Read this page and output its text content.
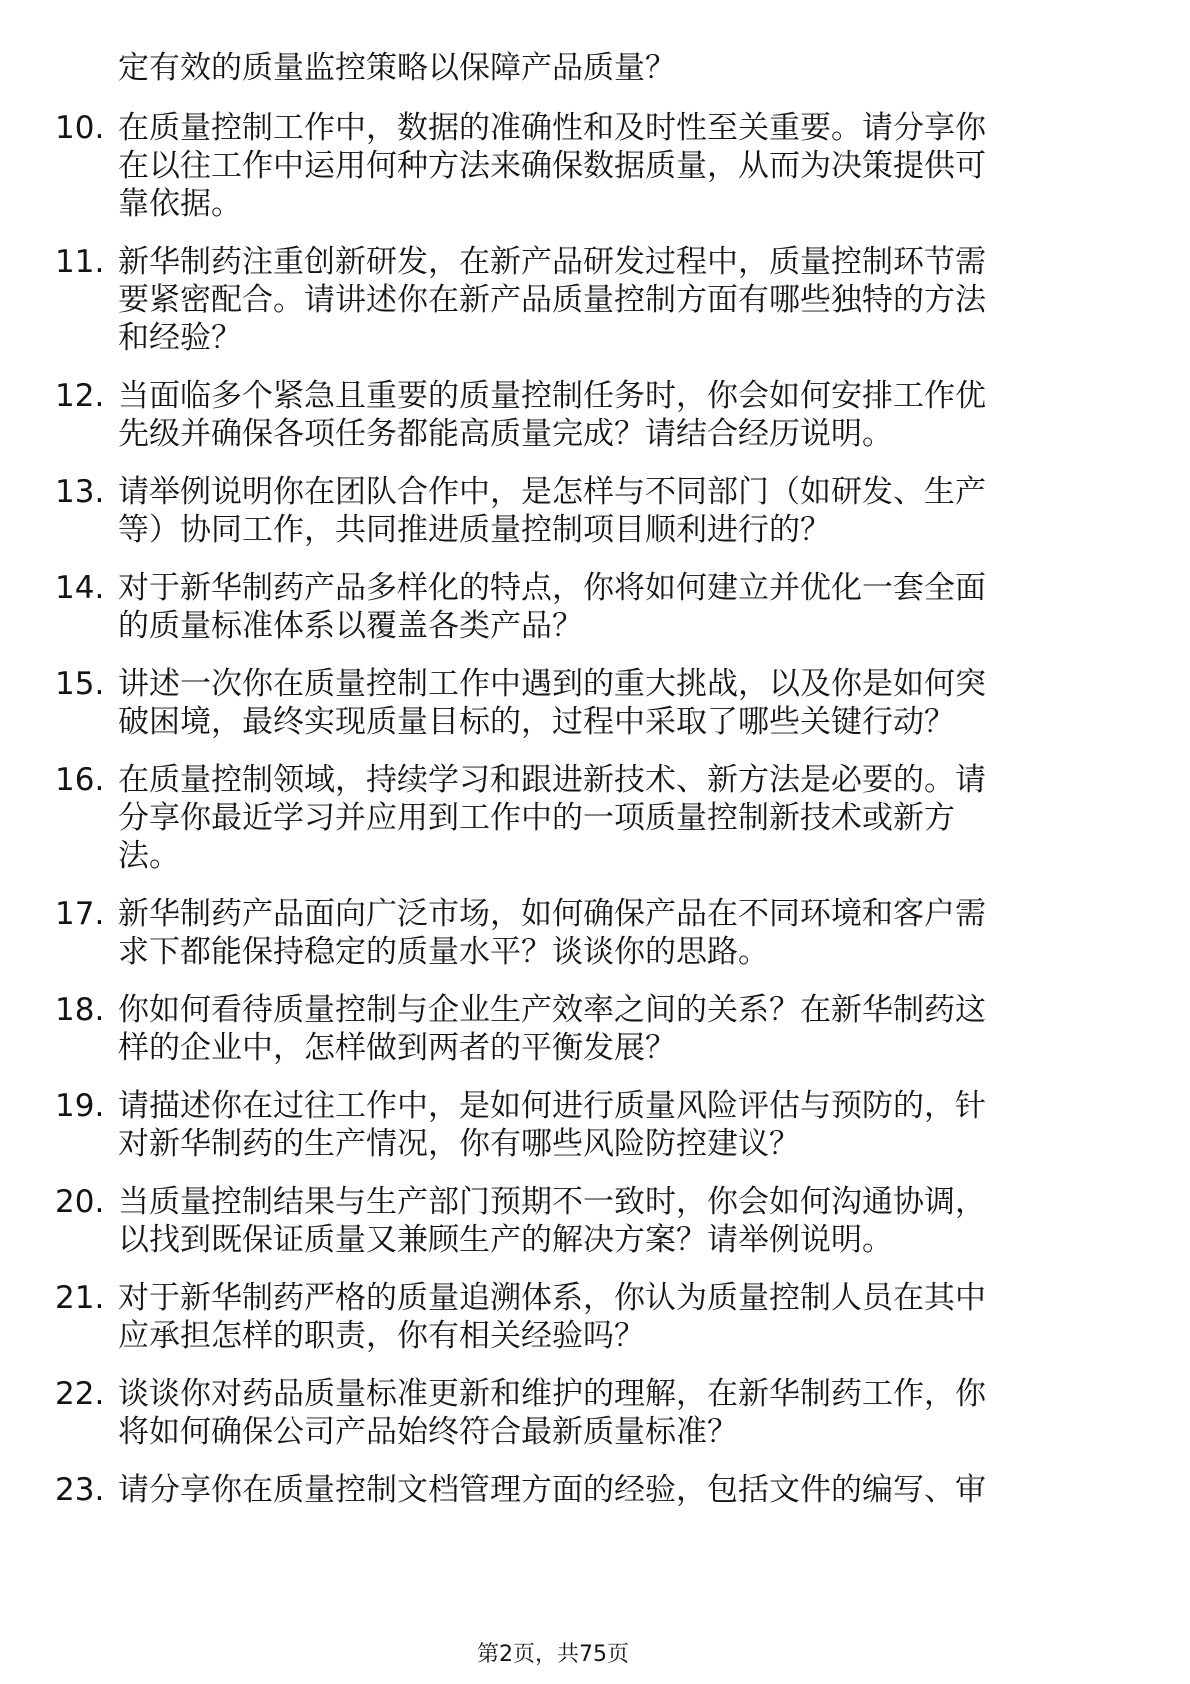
定有效的质量监控策略以保障产品质量？
10. 在质量控制工作中，数据的准确性和及时性至关重要。请分享你
在以往工作中运用何种方法来确保数据质量，从而为决策提供可
靠依据。
11. 新华制药注重创新研发，在新产品研发过程中，质量控制环节需
要紧密配合。请讲述你在新产品质量控制方面有哪些独特的方法
和经验？
12. 当面临多个紧急且重要的质量控制任务时，你会如何安排工作优
先级并确保各项任务都能高质量完成？请结合经历说明。
13. 请举例说明你在团队合作中，是怎样与不同部门（如研发、生产
等）协同工作，共同推进质量控制项目顺利进行的？
14. 对于新华制药产品多样化的特点，你将如何建立并优化一套全面
的质量标准体系以覆盖各类产品？
15. 讲述一次你在质量控制工作中遇到的重大挑战，以及你是如何突
破困境，最终实现质量目标的，过程中采取了哪些关键行动？
16. 在质量控制领域，持续学习和跟进新技术、新方法是必要的。请
分享你最近学习并应用到工作中的一项质量控制新技术或新方
法。
17. 新华制药产品面向广泛市场，如何确保产品在不同环境和客户需
求下都能保持稳定的质量水平？谈谈你的思路。
18. 你如何看待质量控制与企业生产效率之间的关系？在新华制药这
样的企业中，怎样做到两者的平衡发展？
19. 请描述你在过往工作中，是如何进行质量风险评估与预防的，针
对新华制药的生产情况，你有哪些风险防控建议？
20. 当质量控制结果与生产部门预期不一致时，你会如何沟通协调，
以找到既保证质量又兼顾生产的解决方案？请举例说明。
21. 对于新华制药严格的质量追溯体系，你认为质量控制人员在其中
应承担怎样的职责，你有相关经验吗？
22. 谈谈你对药品质量标准更新和维护的理解，在新华制药工作，你
将如何确保公司产品始终符合最新质量标准？
23. 请分享你在质量控制文档管理方面的经验，包括文件的编写、审
第2页，共75页
